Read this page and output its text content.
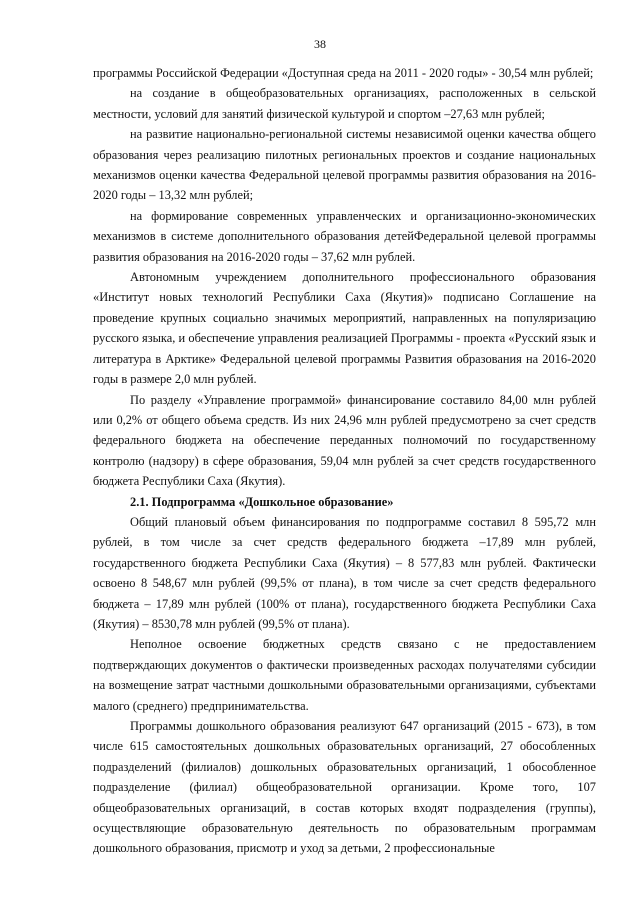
38

программы Российской Федерации «Доступная среда на 2011 - 2020 годы» - 30,54 млн рублей;

на создание в общеобразовательных организациях, расположенных в сельской местности, условий для занятий физической культурой и спортом –27,63 млн рублей;

на развитие национально-региональной системы независимой оценки качества общего образования через реализацию пилотных региональных проектов и создание национальных механизмов оценки качества Федеральной целевой программы развития образования на 2016-2020 годы – 13,32 млн рублей;

на формирование современных управленческих и организационно-экономических механизмов в системе дополнительного образования детейФедеральной целевой программы развития образования на 2016-2020 годы – 37,62 млн рублей.

Автономным учреждением дополнительного профессионального образования «Институт новых технологий Республики Саха (Якутия)» подписано Соглашение на проведение крупных социально значимых мероприятий, направленных на популяризацию русского языка, и обеспечение управления реализацией Программы - проекта «Русский язык и литература в Арктике» Федеральной целевой программы Развития образования на 2016-2020 годы в размере 2,0 млн рублей.

По разделу «Управление программой» финансирование составило 84,00 млн рублей или 0,2% от общего объема средств. Из них 24,96 млн рублей предусмотрено за счет средств федерального бюджета на обеспечение переданных полномочий по государственному контролю (надзору) в сфере образования, 59,04 млн рублей за счет средств государственного бюджета Республики Саха (Якутия).

2.1. Подпрограмма «Дошкольное образование»

Общий плановый объем финансирования по подпрограмме составил 8 595,72 млн рублей, в том числе за счет средств федерального бюджета –17,89 млн рублей, государственного бюджета Республики Саха (Якутия) – 8 577,83 млн рублей. Фактически освоено 8 548,67 млн рублей (99,5% от плана), в том числе за счет средств федерального бюджета – 17,89 млн рублей (100% от плана), государственного бюджета Республики Саха (Якутия) – 8530,78 млн рублей (99,5% от плана).

Неполное освоение бюджетных средств связано с не предоставлением подтверждающих документов о фактически произведенных расходах получателями субсидии на возмещение затрат частными дошкольными образовательными организациями, субъектами малого (среднего) предпринимательства.

Программы дошкольного образования реализуют 647 организаций (2015 - 673), в том числе 615 самостоятельных дошкольных образовательных организаций, 27 обособленных подразделений (филиалов) дошкольных образовательных организаций, 1 обособленное подразделение (филиал) общеобразовательной организации. Кроме того, 107 общеобразовательных организаций, в состав которых входят подразделения (группы), осуществляющие образовательную деятельность по образовательным программам дошкольного образования, присмотр и уход за детьми, 2 профессиональные
